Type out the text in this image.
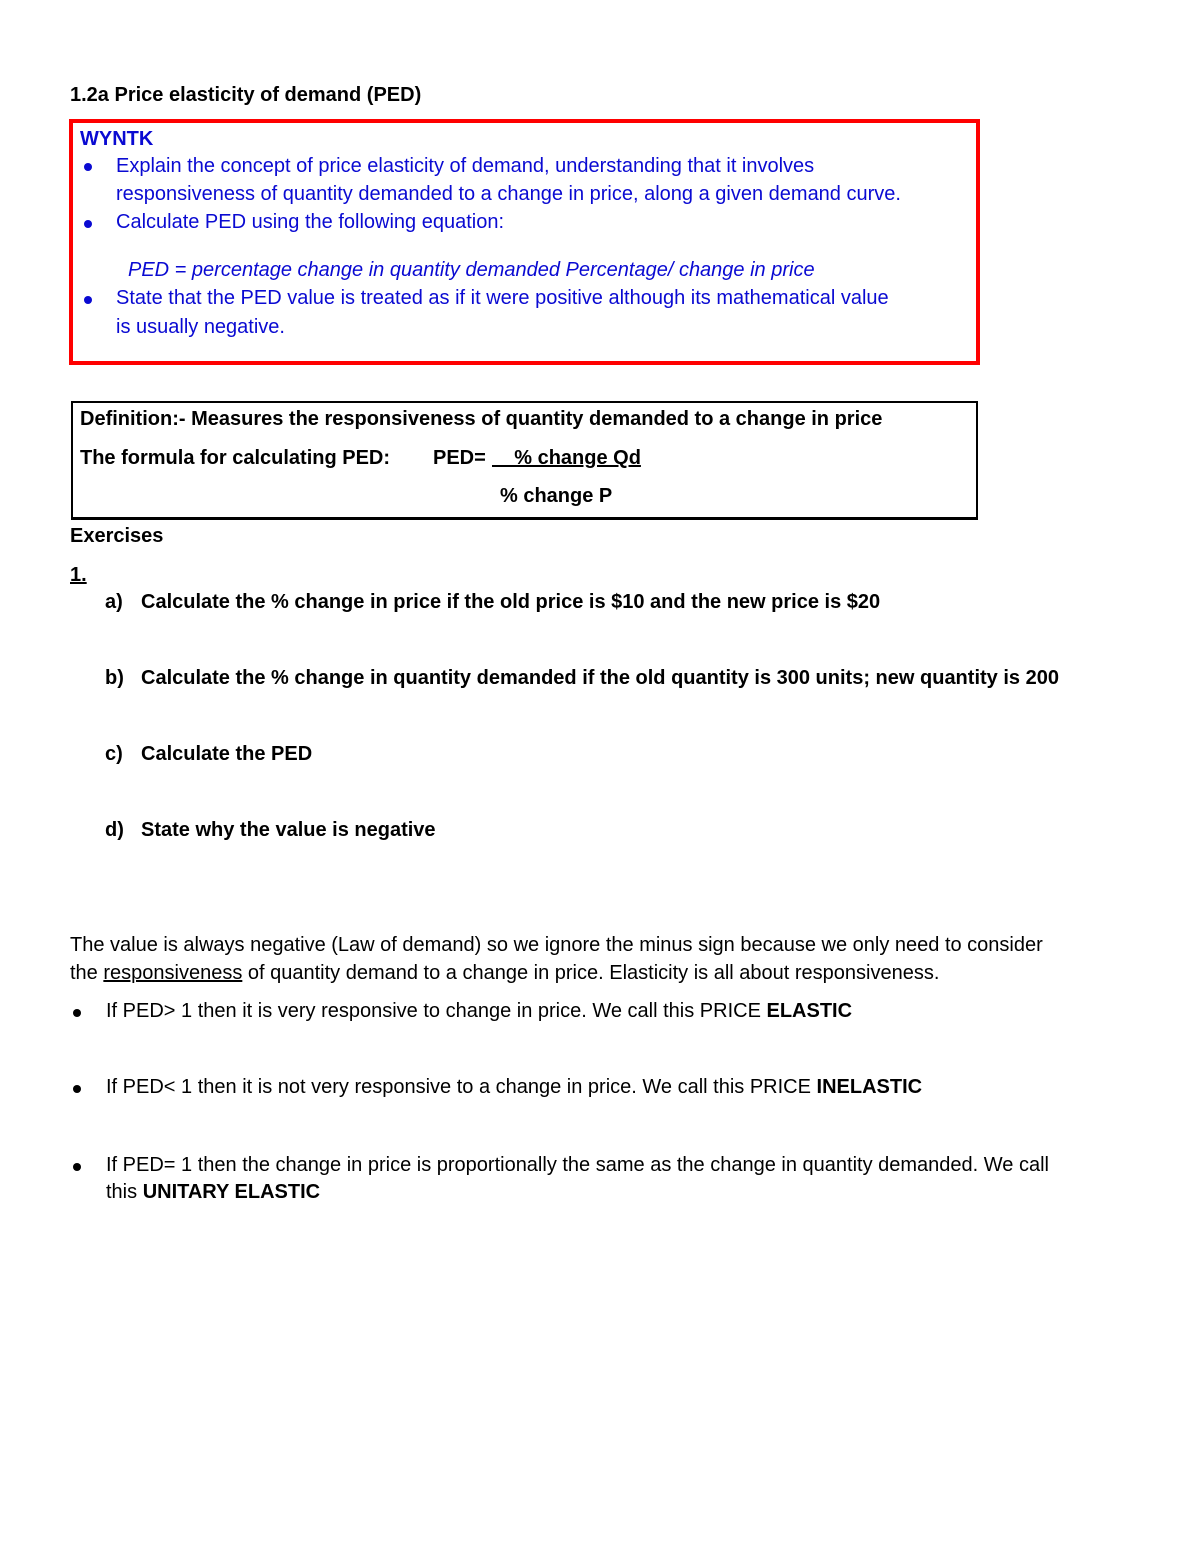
1.2a Price elasticity of demand (PED)
WYNTK
Explain the concept of price elasticity of demand, understanding that it involves
responsiveness of quantity demanded to a change in price, along a given demand curve.
Calculate PED using the following equation:
PED = percentage change in quantity demanded Percentage/ change in price
State that the PED value is treated as if it were positive although its mathematical value
is usually negative.
Definition:- Measures the responsiveness of quantity demanded to a change in price
The formula for calculating PED: PED= % change Qd
% change P
Exercises
1.
a) Calculate the % change in price if the old price is $10 and the new price is $20
b) Calculate the % change in quantity demanded if the old quantity is 300 units; new quantity is 200
c) Calculate the PED
d) State why the value is negative
The value is always negative (Law of demand) so we ignore the minus sign because we only need to consider
the responsiveness of quantity demand to a change in price. Elasticity is all about responsiveness.
If PED> 1 then it is very responsive to change in price. We call this PRICE ELASTIC
If PED< 1 then it is not very responsive to a change in price. We call this PRICE INELASTIC
If PED= 1 then the change in price is proportionally the same as the change in quantity demanded. We call
this UNITARY ELASTIC
